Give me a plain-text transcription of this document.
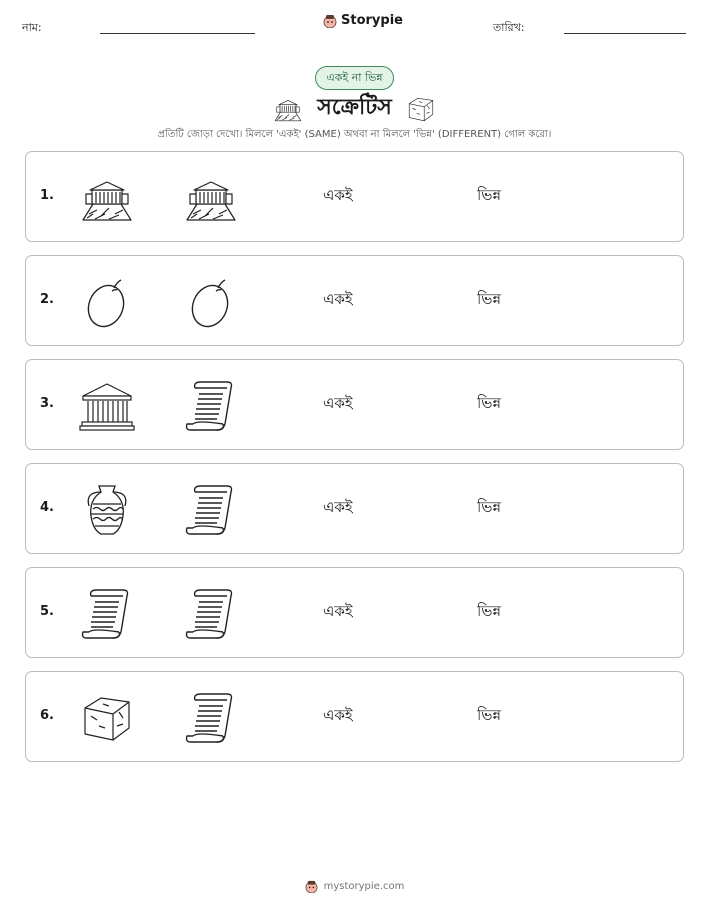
নাম:	Storypie	তারিখ:
একই না ভিন্ন
সক্রেটিস
প্রতিটি জোড়া দেখো। মিললে 'একই' (SAME) অথবা না মিললে 'ভিন্ন' (DIFFERENT) গোল করো।
1.	একই	ভিন্ন
2.	একই	ভিন্ন
3.	একই	ভিন্ন
4.	একই	ভিন্ন
5.	একই	ভিন্ন
6.	একই	ভিন্ন
mystorypie.com
